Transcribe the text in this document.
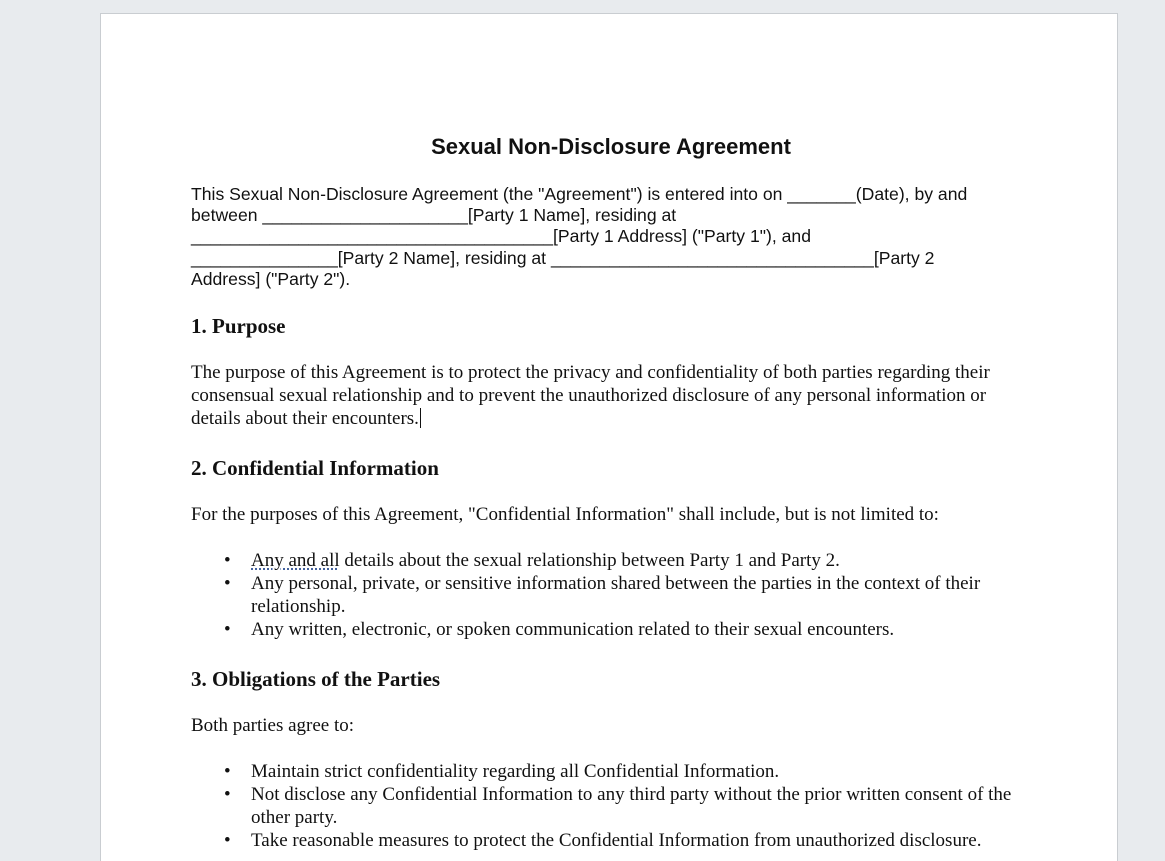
Sexual Non-Disclosure Agreement
This Sexual Non-Disclosure Agreement (the "Agreement") is entered into on _______(Date), by and
between _____________________[Party 1 Name], residing at
_____________________________________[Party 1 Address] ("Party 1"), and
_______________[Party 2 Name], residing at _________________________________[Party 2
Address] ("Party 2").
1. Purpose

The purpose of this Agreement is to protect the privacy and confidentiality of both parties regarding their consensual sexual relationship and to prevent the unauthorized disclosure of any personal information or details about their encounters.

2. Confidential Information

For the purposes of this Agreement, "Confidential Information" shall include, but is not limited to:

• Any and all details about the sexual relationship between Party 1 and Party 2.
• Any personal, private, or sensitive information shared between the parties in the context of their relationship.
• Any written, electronic, or spoken communication related to their sexual encounters.
3. Obligations of the Parties

Both parties agree to:

• Maintain strict confidentiality regarding all Confidential Information.
• Not disclose any Confidential Information to any third party without the prior written consent of the other party.
• Take reasonable measures to protect the Confidential Information from unauthorized disclosure.
